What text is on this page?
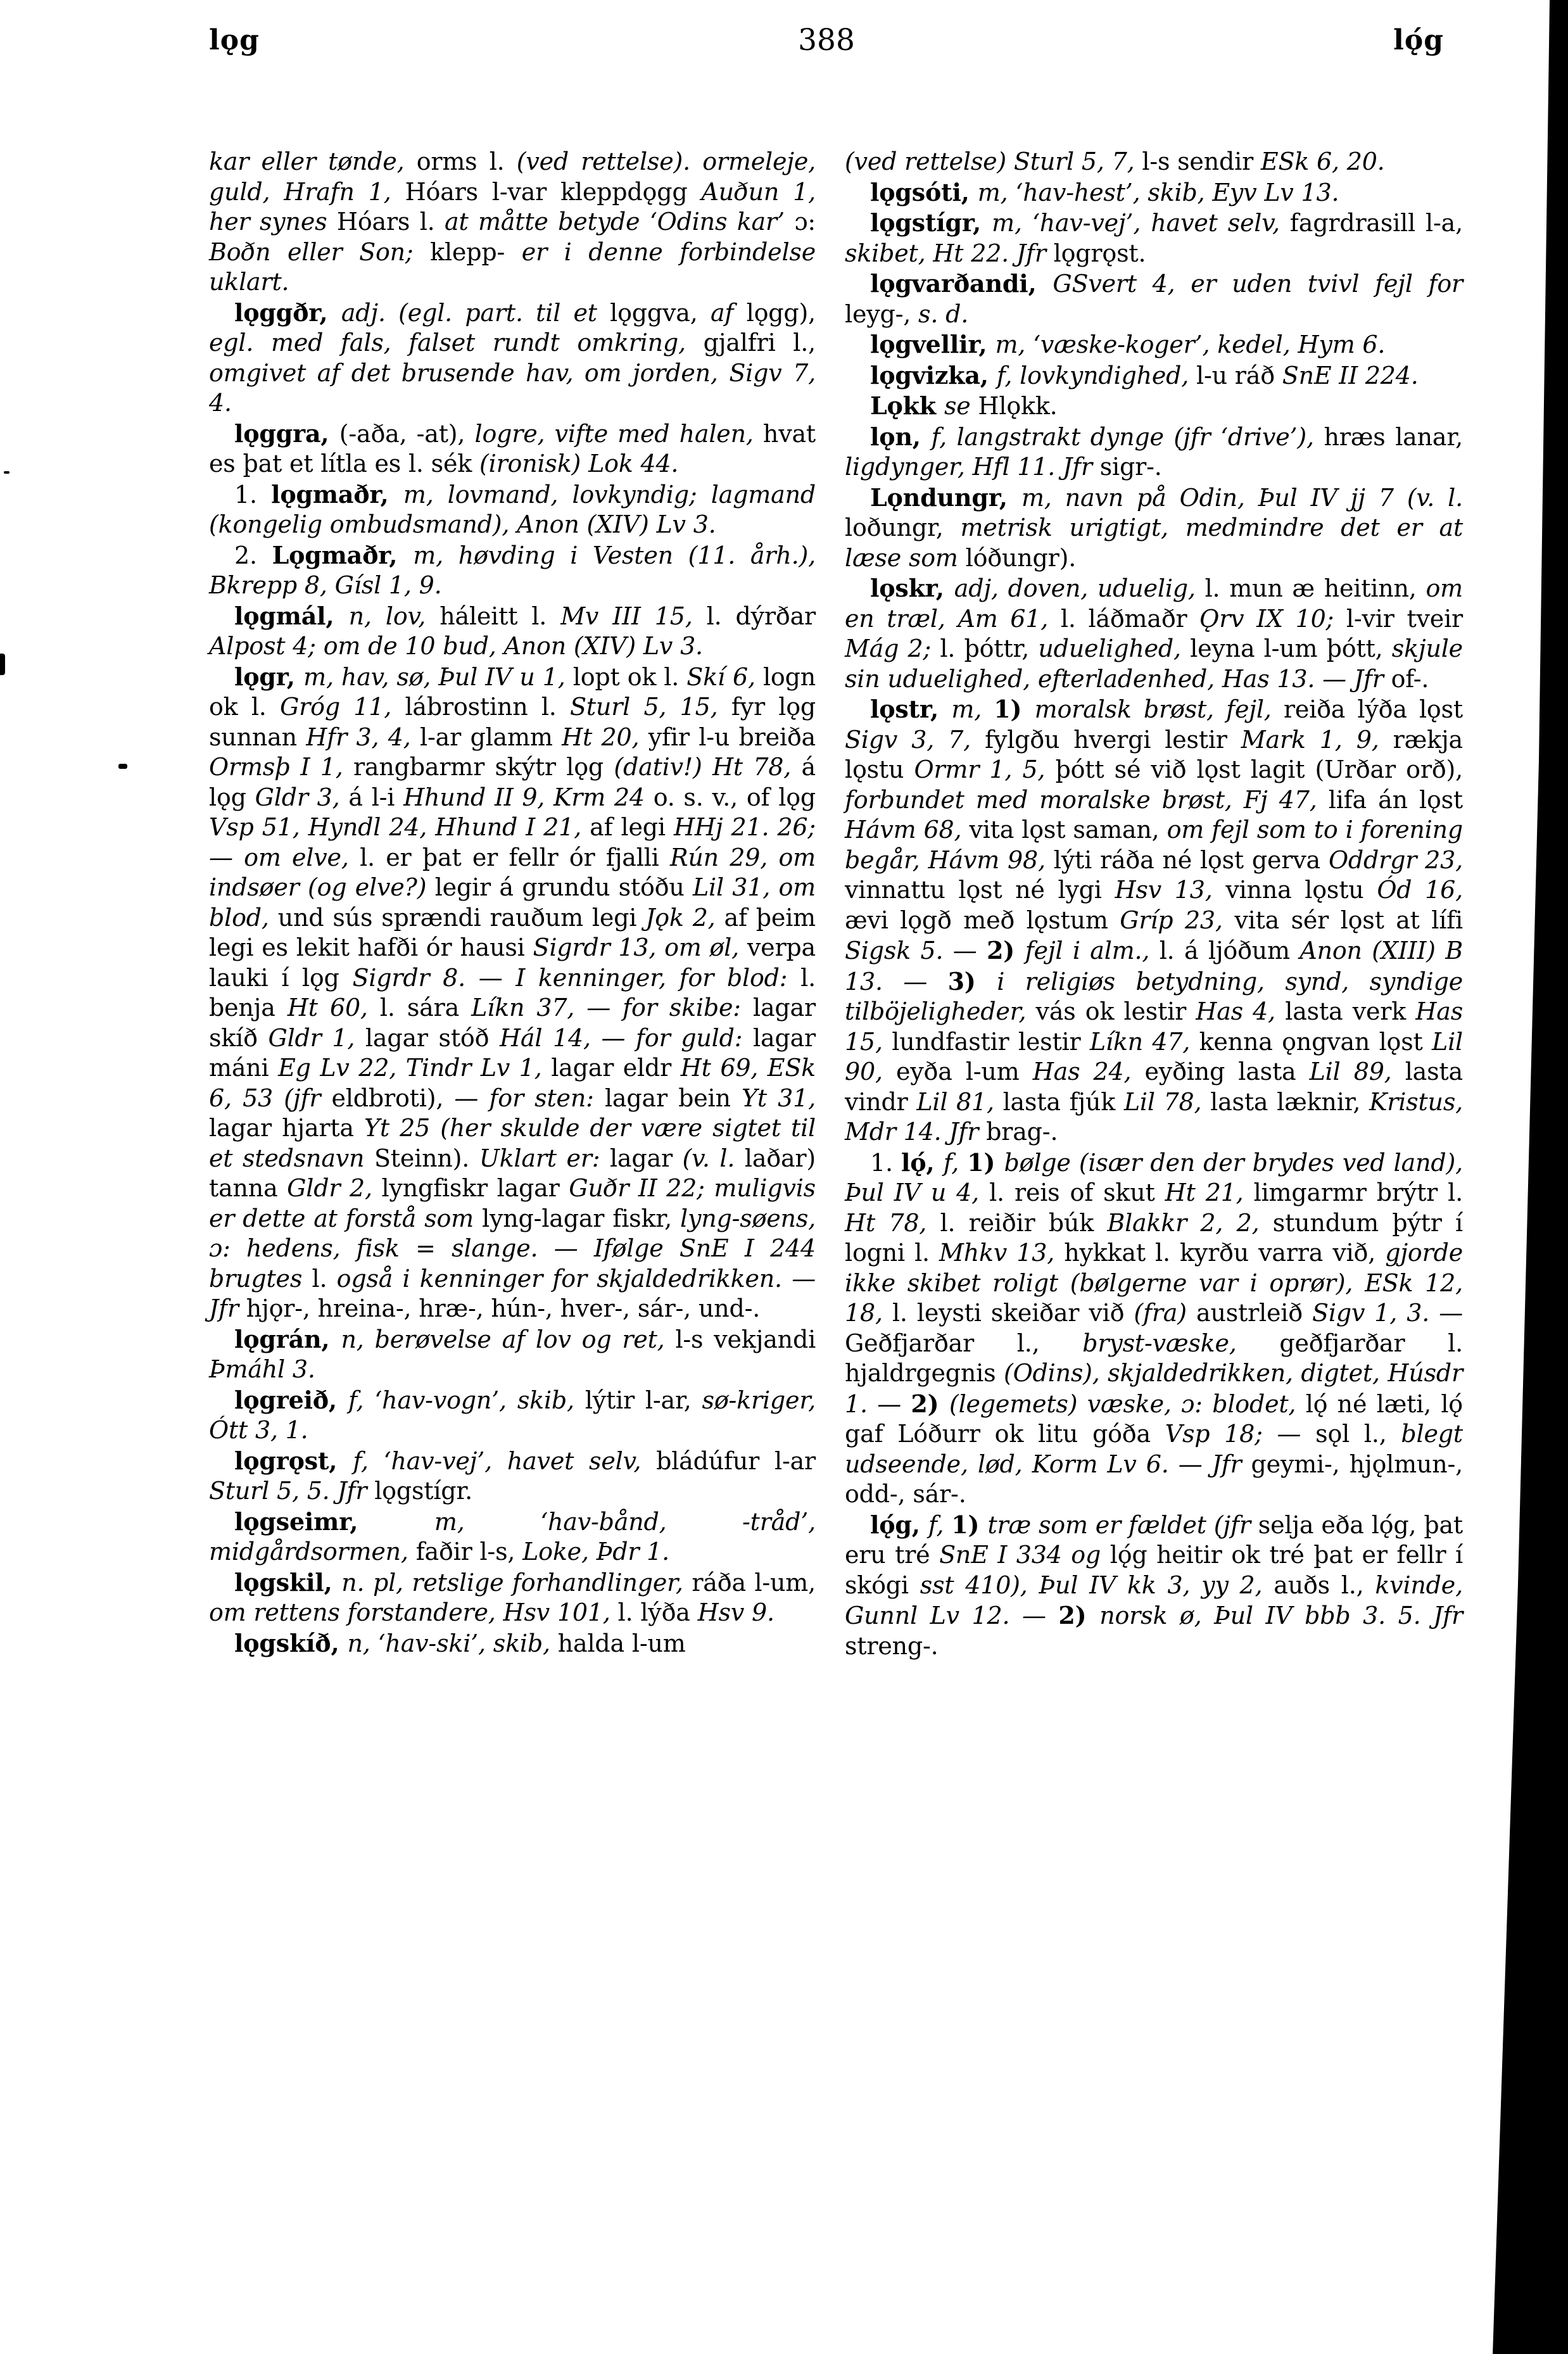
lǫg	388	lǫ́g

kar eller tønde, orms l. (ved rettelse). ormeleje, guld, Hrafn 1, Hóars l-var kleppdǫgg Auðun 1, her synes Hóars l. at måtte betyde ‘Odins kar’ ɔ: Boðn eller Son; klepp- er i denne forbindelse uklart.

lǫggðr, adj. (egl. part. til et lǫggva, af lǫgg), egl. med fals, falset rundt omkring, gjalfri l., omgivet af det brusende hav, om jorden, Sigv 7, 4.

lǫggra, (-aða, -at), logre, vifte med halen, hvat es þat et lítla es l. sék (ironisk) Lok 44.

1. lǫgmaðr, m, lovmand, lovkyndig; lagmand (kongelig ombudsmand), Anon (XIV) Lv 3.

2. Lǫgmaðr, m, høvding i Vesten (11. årh.), Bkrepp 8, Gísl 1, 9.

lǫgmál, n, lov, háleitt l. Mv III 15, l. dýrðar Alpost 4; om de 10 bud, Anon (XIV) Lv 3.

lǫgr, m, hav, sø, Þul IV u 1, lopt ok l. Skí 6, logn ok l. Gróg 11, lábrostinn l. Sturl 5, 15, fyr lǫg sunnan Hfr 3, 4, l-ar glamm Ht 20, yfir l-u breiða Ormsþ I 1, rangbarmr skýtr lǫg (dativ!) Ht 78, á lǫg Gldr 3, á l-i Hhund II 9, Krm 24 o. s. v., of lǫg Vsp 51, Hyndl 24, Hhund I 21, af legi HHj 21. 26; — om elve, l. er þat er fellr ór fjalli Rún 29, om indsøer (og elve?) legir á grundu stóðu Lil 31, om blod, und sús sprændi rauðum legi Jǫk 2, af þeim legi es lekit hafði ór hausi Sigrdr 13, om øl, verpa lauki í lǫg Sigrdr 8. — I kenninger, for blod: l. benja Ht 60, l. sára Líkn 37, — for skibe: lagar skíð Gldr 1, lagar stóð Hál 14, — for guld: lagar máni Eg Lv 22, Tindr Lv 1, lagar eldr Ht 69, ESk 6, 53 (jfr eldbroti), — for sten: lagar bein Yt 31, lagar hjarta Yt 25 (her skulde der være sigtet til et stedsnavn Steinn). Uklart er: lagar (v. l. laðar) tanna Gldr 2, lyngfiskr lagar Guðr II 22; muligvis er dette at forstå som lyng-lagar fiskr, lyng-søens, ɔ: hedens, fisk = slange. — Ifølge SnE I 244 brugtes l. også i kenninger for skjaldedrikken. — Jfr hjǫr-, hreina-, hræ-, hún-, hver-, sár-, und-.

lǫgrán, n, berøvelse af lov og ret, l-s vekjandi Þmáhl 3.

lǫgreið, f, ‘hav-vogn’, skib, lýtir l-ar, sø-kriger, Ótt 3, 1.

lǫgrǫst, f, ‘hav-vej’, havet selv, bládúfur l-ar Sturl 5, 5. Jfr lǫgstígr.

lǫgseimr, m, ‘hav-bånd, -tråd’, midgårdsormen, faðir l-s, Loke, Þdr 1.

lǫgskil, n. pl, retslige forhandlinger, ráða l-um, om rettens forstandere, Hsv 101, l. lýða Hsv 9.

lǫgskíð, n, ‘hav-ski’, skib, halda l-um

(ved rettelse) Sturl 5, 7, l-s sendir ESk 6, 20.

lǫgsóti, m, ‘hav-hest’, skib, Eyv Lv 13.

lǫgstígr, m, ‘hav-vej’, havet selv, fagrdrasill l-a, skibet, Ht 22. Jfr lǫgrǫst.

lǫgvarðandi, GSvert 4, er uden tvivl fejl for leyg-, s. d.

lǫgvellir, m, ‘væske-koger’, kedel, Hym 6.

lǫgvizka, f, lovkyndighed, l-u ráð SnE II 224.

Lǫkk se Hlǫkk.

lǫn, f, langstrakt dynge (jfr ‘drive’), hræs lanar, ligdynger, Hfl 11. Jfr sigr-.

Lǫndungr, m, navn på Odin, Þul IV jj 7 (v. l. loðungr, metrisk urigtigt, medmindre det er at læse som lóðungr).

lǫskr, adj, doven, uduelig, l. mun æ heitinn, om en træl, Am 61, l. láðmaðr Ǫrv IX 10; l-vir tveir Mág 2; l. þóttr, uduelighed, leyna l-um þótt, skjule sin uduelighed, efterladenhed, Has 13. — Jfr of-.

lǫstr, m, 1) moralsk brøst, fejl, reiða lýða lǫst Sigv 3, 7, fylgðu hvergi lestir Mark 1, 9, rækja lǫstu Ormr 1, 5, þótt sé við lǫst lagit (Urðar orð), forbundet med moralske brøst, Fj 47, lifa án lǫst Hávm 68, vita lǫst saman, om fejl som to i forening begår, Hávm 98, lýti ráða né lǫst gerva Oddrgr 23, vinnattu lǫst né lygi Hsv 13, vinna lǫstu Ód 16, ævi lǫgð með lǫstum Gríp 23, vita sér lǫst at lífi Sigsk 5. — 2) fejl i alm., l. á ljóðum Anon (XIII) B 13. — 3) i religiøs betydning, synd, syndige tilböjeligheder, vás ok lestir Has 4, lasta verk Has 15, lundfastir lestir Líkn 47, kenna ǫngvan lǫst Lil 90, eyða l-um Has 24, eyðing lasta Lil 89, lasta vindr Lil 81, lasta fjúk Lil 78, lasta læknir, Kristus, Mdr 14. Jfr brag-.

1. lǫ́, f, 1) bølge (især den der brydes ved land), Þul IV u 4, l. reis of skut Ht 21, limgarmr brýtr l. Ht 78, l. reiðir búk Blakkr 2, 2, stundum þýtr í logni l. Mhkv 13, hykkat l. kyrðu varra við, gjorde ikke skibet roligt (bølgerne var i oprør), ESk 12, 18, l. leysti skeiðar við (fra) austrleið Sigv 1, 3. — Geðfjarðar l., bryst-væske, geðfjarðar l. hjaldrgegnis (Odins), skjaldedrikken, digtet, Húsdr 1. — 2) (legemets) væske, ɔ: blodet, lǫ́ né læti, lǫ́ gaf Lóðurr ok litu góða Vsp 18; — sǫl l., blegt udseende, lød, Korm Lv 6. — Jfr geymi-, hjǫlmun-, odd-, sár-.

lǫ́g, f, 1) træ som er fældet (jfr selja eða lǫ́g, þat eru tré SnE I 334 og lǫ́g heitir ok tré þat er fellr í skógi sst 410), Þul IV kk 3, yy 2, auðs l., kvinde, Gunnl Lv 12. — 2) norsk ø, Þul IV bbb 3. 5. Jfr streng-.
